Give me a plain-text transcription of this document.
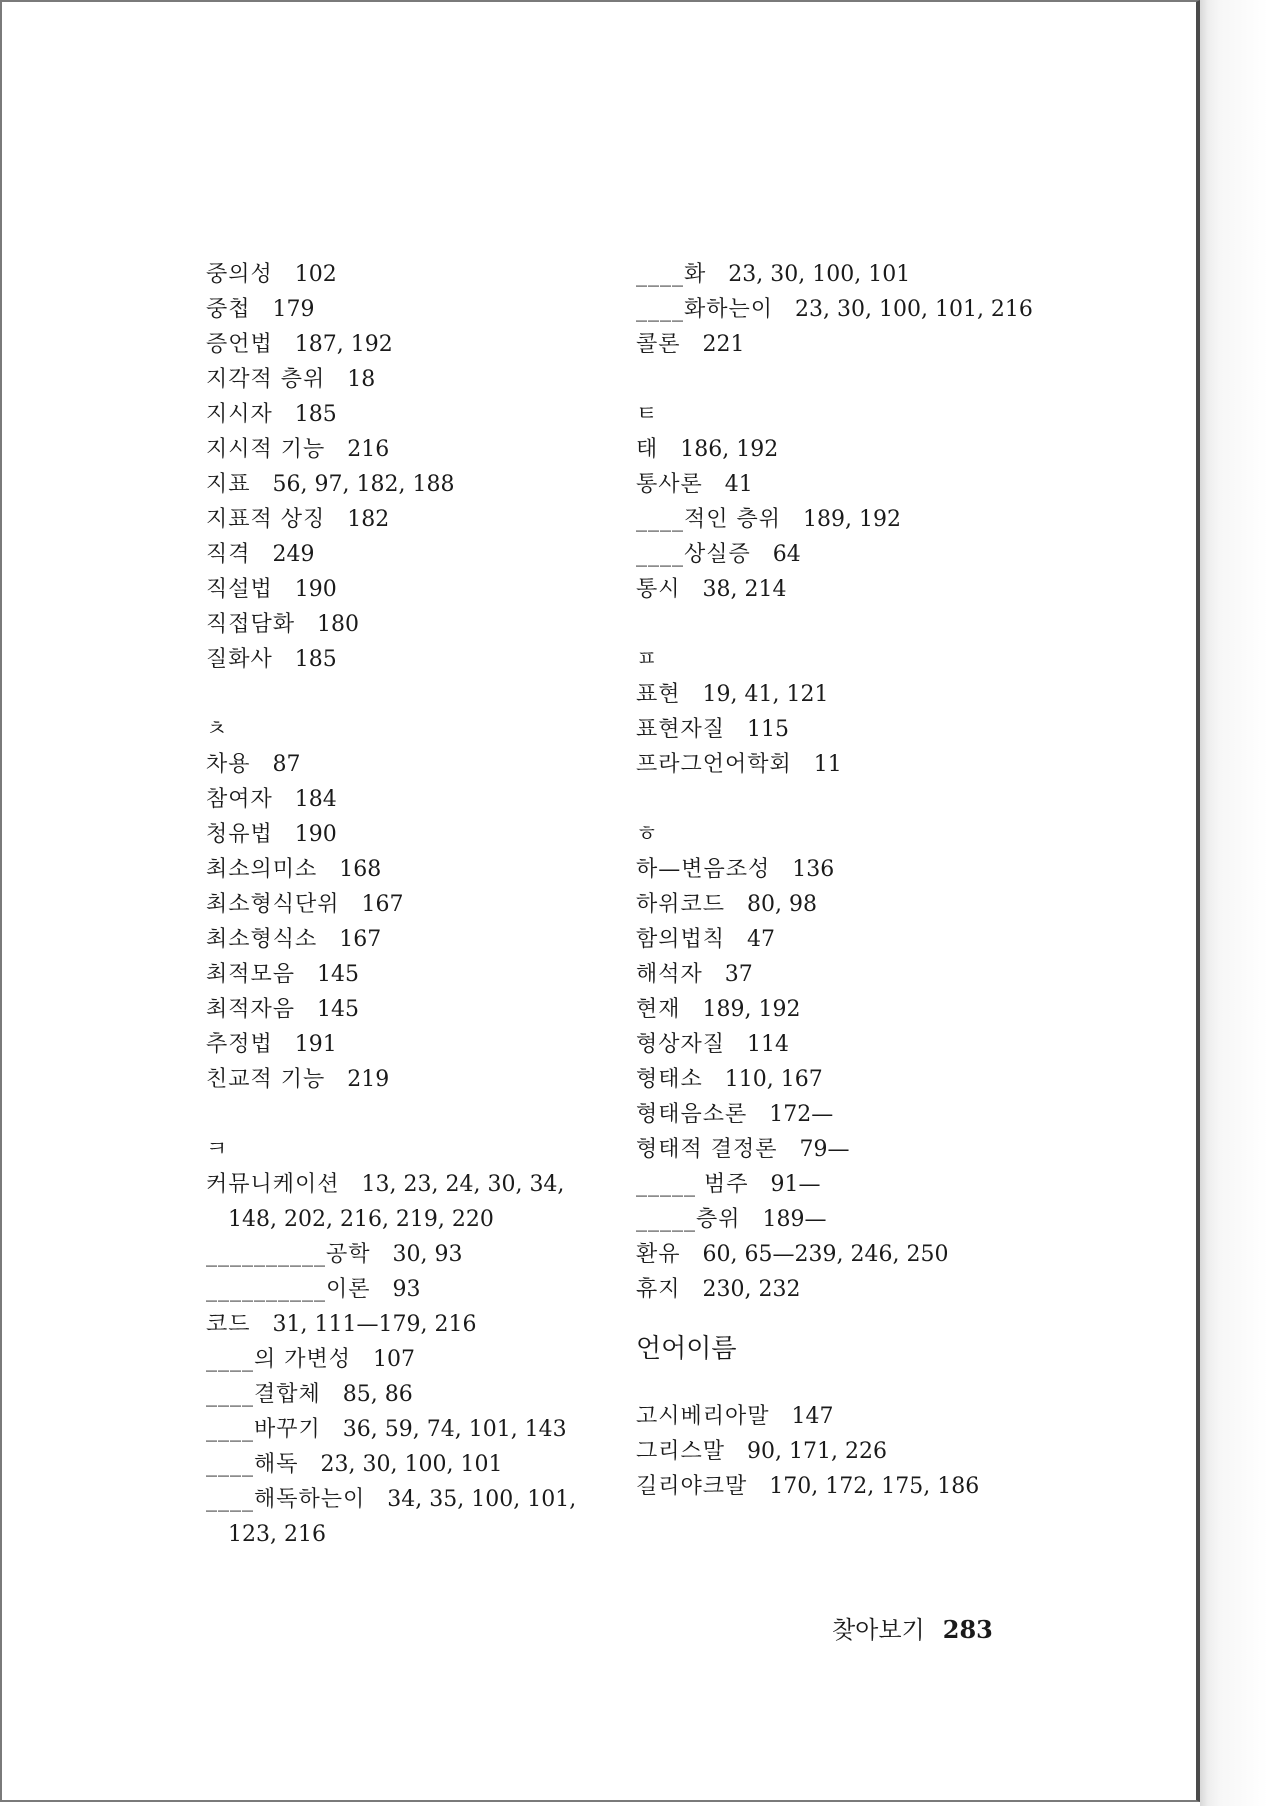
중의성 102
중첩 179
증언법 187, 192
지각적 층위 18
지시자 185
지시적 기능 216
지표 56, 97, 182, 188
지표적 상징 182
직격 249
직설법 190
직접담화 180
질화사 185
ㅊ
차용 87
참여자 184
청유법 190
최소의미소 168
최소형식단위 167
최소형식소 167
최적모음 145
최적자음 145
추정법 191
친교적 기능 219
ㅋ
커뮤니케이션 13, 23, 24, 30, 34,
148, 202, 216, 219, 220
__________공학 30, 93
__________이론 93
코드 31, 111—179, 216
____의 가변성 107
____결합체 85, 86
____바꾸기 36, 59, 74, 101, 143
____해독 23, 30, 100, 101
____해독하는이 34, 35, 100, 101,
123, 216
____화 23, 30, 100, 101
____화하는이 23, 30, 100, 101, 216
콜론 221
ㅌ
태 186, 192
통사론 41
____적인 층위 189, 192
____상실증 64
통시 38, 214
ㅍ
표현 19, 41, 121
표현자질 115
프라그언어학회 11
ㅎ
하—변음조성 136
하위코드 80, 98
함의법칙 47
해석자 37
현재 189, 192
형상자질 114
형태소 110, 167
형태음소론 172—
형태적 결정론 79—
_____ 범주 91—
_____층위 189—
환유 60, 65—239, 246, 250
휴지 230, 232
언어이름
고시베리아말 147
그리스말 90, 171, 226
길리야크말 170, 172, 175, 186
찾아보기 283
